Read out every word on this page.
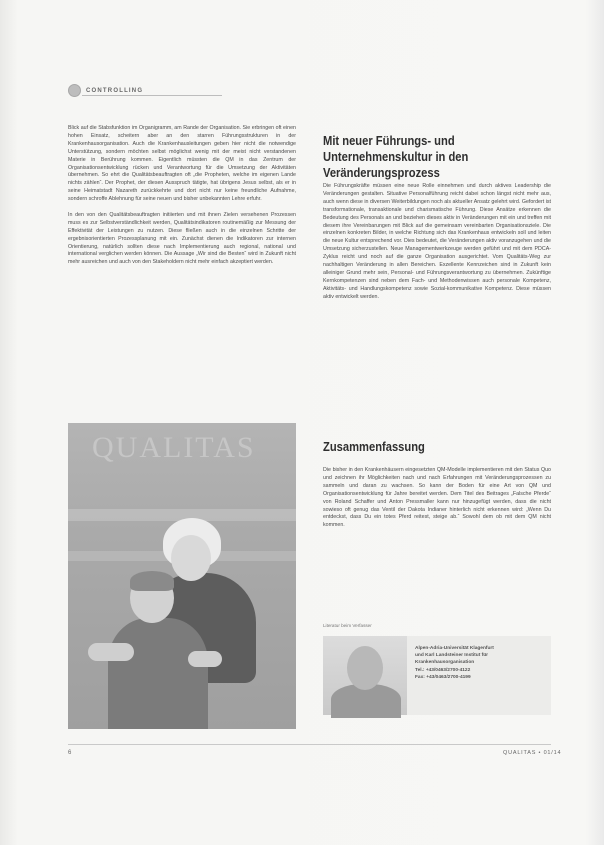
CONTROLLING

Blick auf die Stabsfunktion im Organigramm, am Rande der Organisation. Sie erbringen oft einen hohen Einsatz, scheitern aber an den starren Führungsstrukturen in der Krankenhausorganisation. Auch die Krankenhausleitungen geben hier nicht die notwendige Unterstützung, sondern möchten selbst möglichst wenig mit der meist nicht verstandenen Materie in Berührung kommen. Eigentlich müssten die QM in das Zentrum der Organisationsentwicklung rücken und Verantwortung für die Umsetzung der Aktivitäten übernehmen. So ehrt die Qualitätsbeauftragten oft „die Propheten, welche im eigenen Lande nichts zählen“. Der Prophet, der diesen Ausspruch tätigte, hat übrigens Jesus selbst, als er in seine Heimatstadt Nazareth zurückkehrte und dort nicht nur keine freundliche Aufnahme, sondern schroffe Ablehnung für seine neuen und bisher unbekannten Lehre erfuhr.

In den von den Qualitätsbeauftragten initiierten und mit ihnen Zielen versehenen Prozessen muss es zur Selbstverständlichkeit werden, Qualitätsindikatoren routinemäßig zur Messung der Effektivität der Leistungen zu nutzen. Diese fließen auch in die einzelnen Schritte der ergebnisorientierten Prozessplanung mit ein. Zunächst dienen die Indikatoren zur internen Orientierung, natürlich sollten diese nach Implementierung auch regional, national und international verglichen werden können. Die Aussage „Wir sind die Besten“ wird in Zukunft nicht mehr ausreichen und auch von den Stakeholdern nicht mehr einfach akzeptiert werden.

Mit neuer Führungs- und Unternehmenskultur in den Veränderungsprozess

Die Führungskräfte müssen eine neue Rolle einnehmen und durch aktives Leadership die Veränderungen gestalten. Situative Personalführung reicht dabei schon längst nicht mehr aus, auch wenn diese in diversen Weiterbildungen noch als aktueller Ansatz gelehrt wird. Gefordert ist transformationale, transaktionale und charismatische Führung. Diese Ansätze erkennen die Bedeutung des Personals an und beziehen dieses aktiv in Veränderungen mit ein und treffen mit diesem ihre Vereinbarungen mit Blick auf die gemeinsam vereinbarten Organisationsziele. Die einzelnen konkreten Bilder, in welche Richtung sich das Krankenhaus entwickeln soll und leiten die neue Kultur entsprechend vor. Dies bedeutet, die Veränderungen aktiv voranzugehen und die Umsetzung sicherzustellen. Neue Managementwerkzeuge werden geführt und mit dem PDCA-Zyklus reicht und noch auf die ganze Organisation ausgerichtet. Vom Qualitäts-Weg zur nachhaltigen Veränderung in allen Bereichen. Exzellente Kennzeichen sind in Zukunft kein alleiniger Grund mehr sein, Personal- und Führungsverantwortung zu übernehmen. Zukünftige Kernkompetenzen sind neben dem Fach- und Methodenwissen auch personale Kompetenz, Aktivitäts- und Handlungskompetenz sowie Sozial-kommunikative Kompetenz. Diese müssen aktiv entwickelt werden.

Zusammenfassung

Die bisher in den Krankenhäusern eingesetzten QM-Modelle implementieren mit den Status Quo und zeichnen ihr Möglichkeiten nach und nach Erfahrungen mit Veränderungsprozessen zu sammeln und daran zu wachsen. So kann der Boden für eine Art von QM und Organisationsentwicklung für Jahre bereitet werden. Dem Titel des Beitrages „Falsche Pferde“ von Roland Schaffer und Anton Pressmaller kann nur hinzugefügt werden, dass die nicht sowieso oft genug das Ventil der Dakota Indianer hinterlich nicht erkennen wird: „Wenn Du entdeckst, dass Du ein totes Pferd reitest, steige ab.“ Sowohl dem ob mit dem QM nicht kommen.

Literatur beim Verfasser
QUALITAS
Alpen-Adria-Universität Klagenfurt
und Karl Landsteiner Institut für
Krankenhausorganisation
Tel.: +43/0463/2700-4122
Fax: +43/0463/2700-4199
6	QUALITAS • 01/14
